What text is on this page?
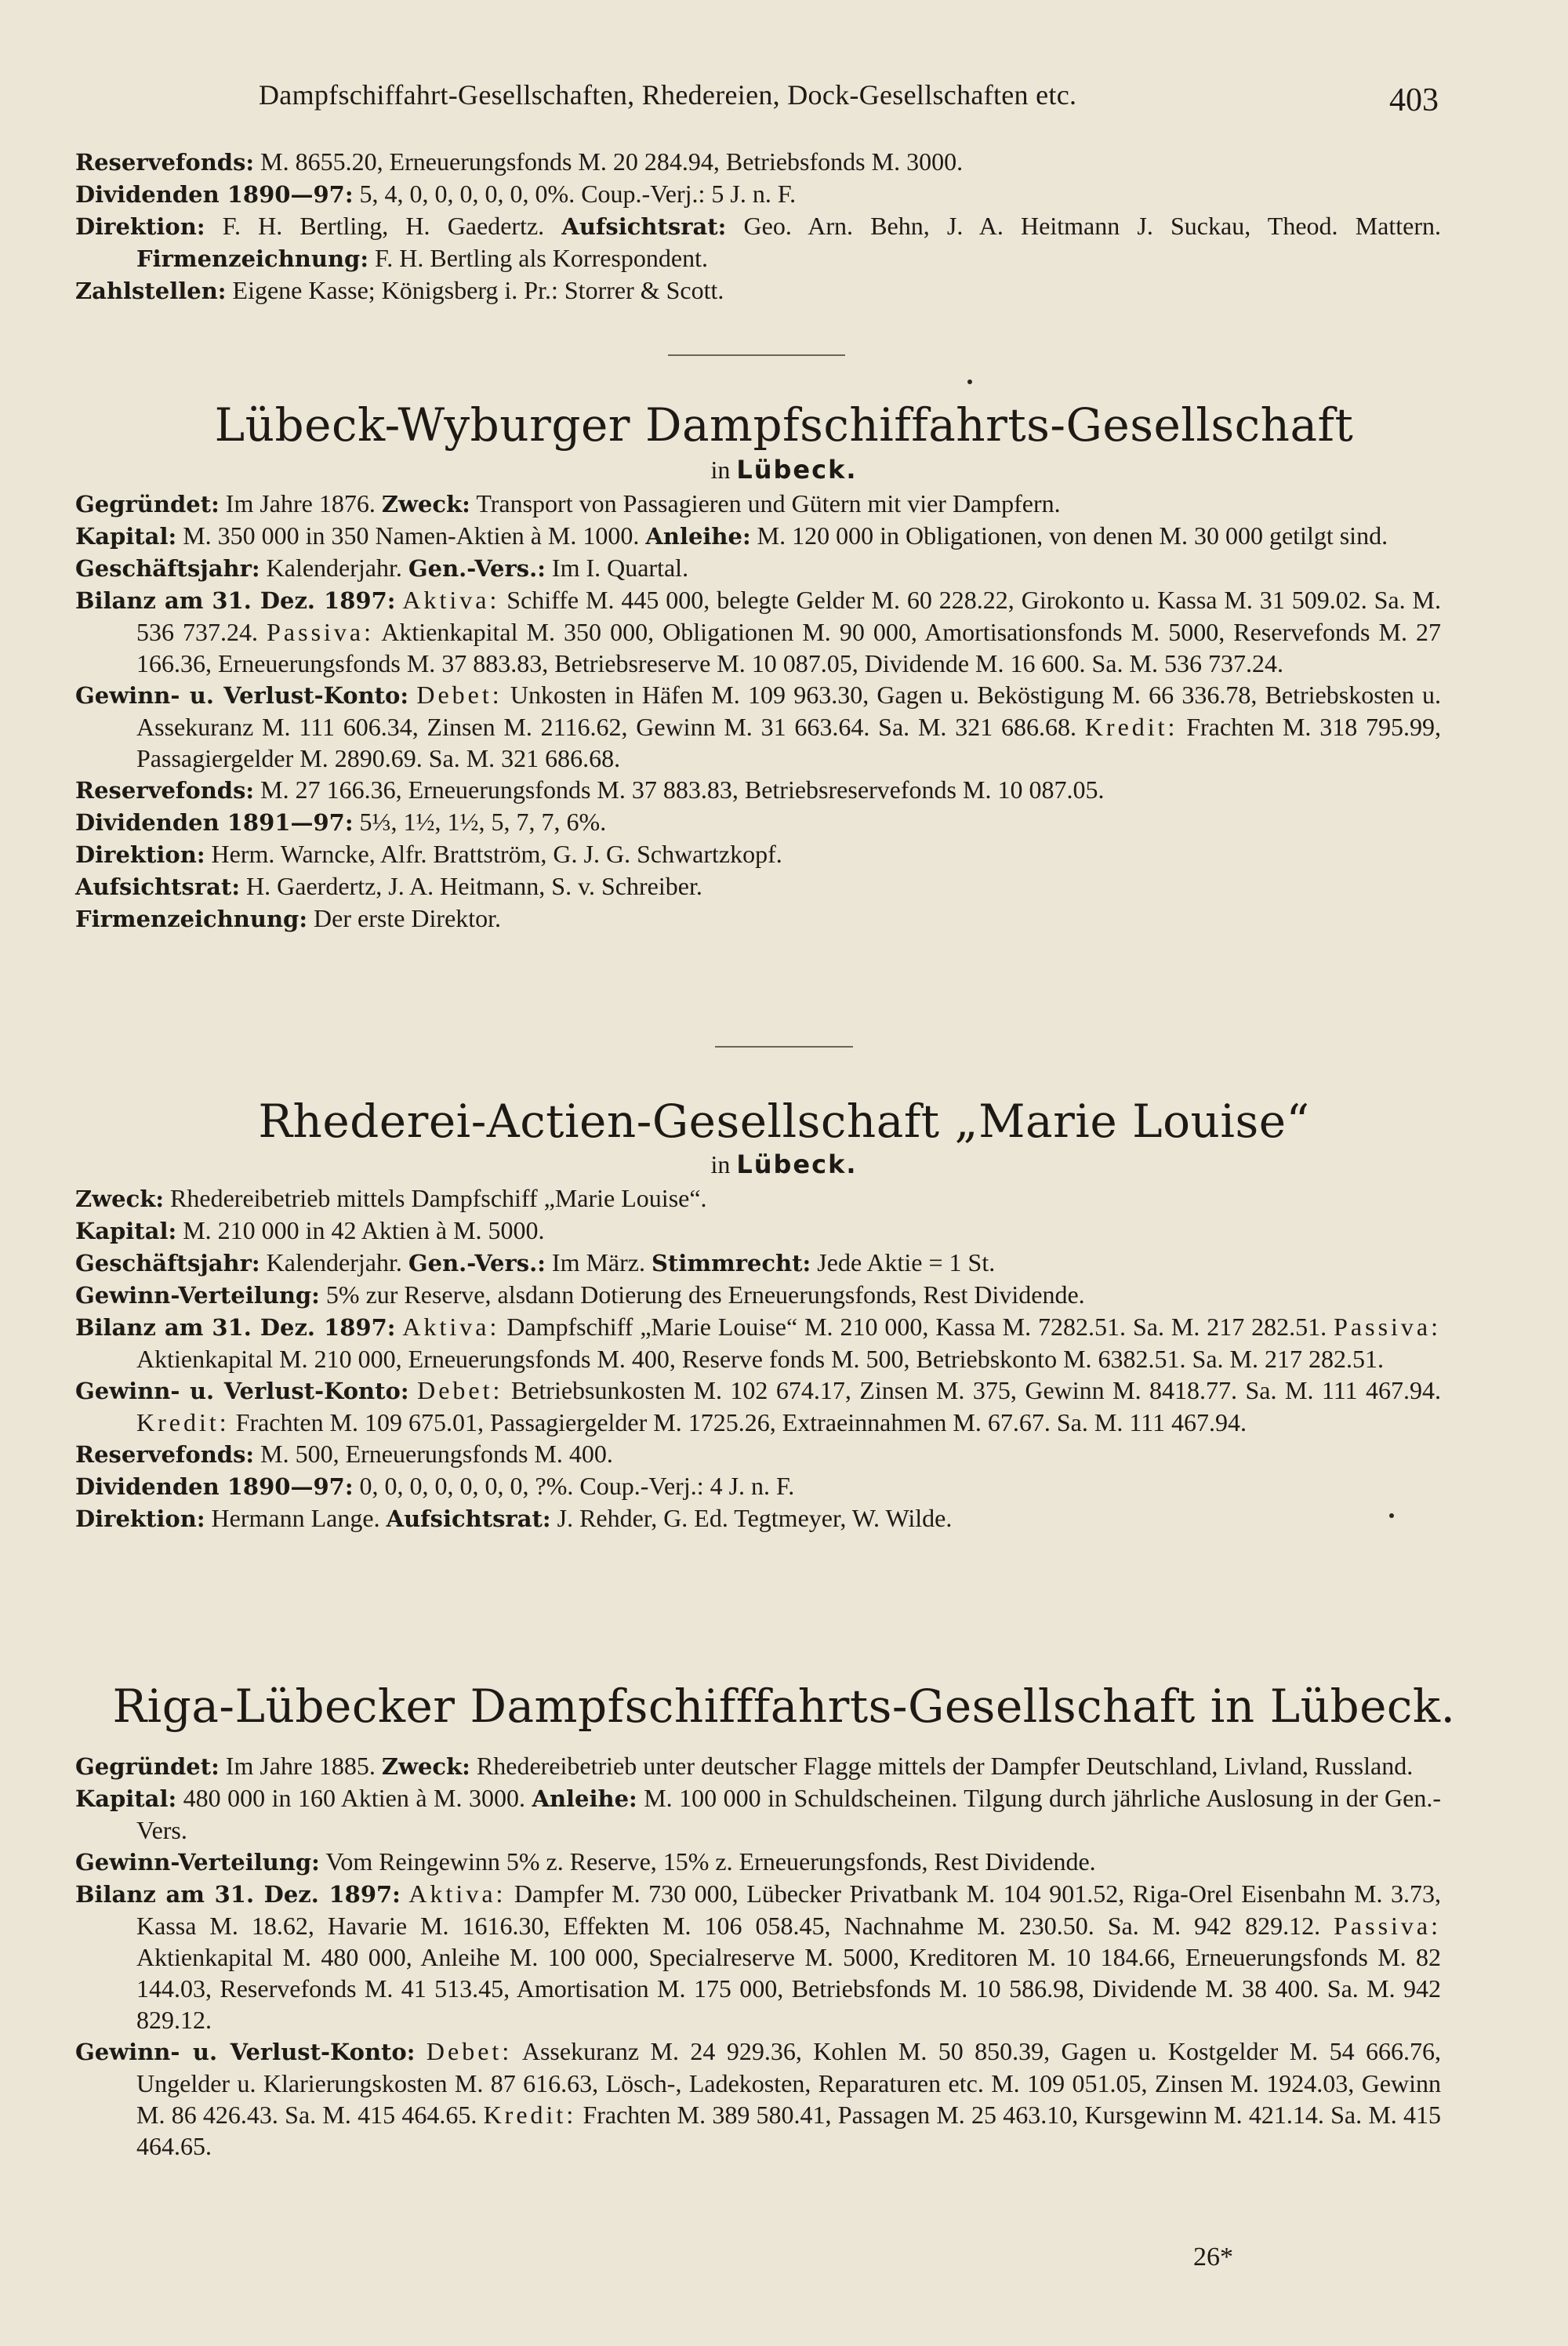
Dampfschiffahrt-Gesellschaften, Rhedereien, Dock-Gesellschaften etc.	403
Reservefonds: M. 8655.20, Erneuerungsfonds M. 20 284.94, Betriebsfonds M. 3000.
Dividenden 1890—97: 5, 4, 0, 0, 0, 0, 0, 0%. Coup.-Verj.: 5 J. n. F.
Direktion: F. H. Bertling, H. Gaedertz. Aufsichtsrat: Geo. Arn. Behn, J. A. Heitmann J. Suckau, Theod. Mattern. Firmenzeichnung: F. H. Bertling als Korrespondent.
Zahlstellen: Eigene Kasse; Königsberg i. Pr.: Storrer & Scott.
Lübeck-Wyburger Dampfschiffahrts-Gesellschaft
in Lübeck.
Gegründet: Im Jahre 1876. Zweck: Transport von Passagieren und Gütern mit vier Dampfern.
Kapital: M. 350 000 in 350 Namen-Aktien à M. 1000. Anleihe: M. 120 000 in Obligationen, von denen M. 30 000 getilgt sind.
Geschäftsjahr: Kalenderjahr. Gen.-Vers.: Im I. Quartal.
Bilanz am 31. Dez. 1897: Aktiva: Schiffe M. 445 000, belegte Gelder M. 60 228.22, Girokonto u. Kassa M. 31 509.02. Sa. M. 536 737.24. Passiva: Aktienkapital M. 350 000, Obligationen M. 90 000, Amortisationsfonds M. 5000, Reservefonds M. 27 166.36, Erneuerungsfonds M. 37 883.83, Betriebsreserve M. 10 087.05, Dividende M. 16 600. Sa. M. 536 737.24.
Gewinn- u. Verlust-Konto: Debet: Unkosten in Häfen M. 109 963.30, Gagen u. Beköstigung M. 66 336.78, Betriebskosten u. Assekuranz M. 111 606.34, Zinsen M. 2116.62, Gewinn M. 31 663.64. Sa. M. 321 686.68. Kredit: Frachten M. 318 795.99, Passagiergelder M. 2890.69. Sa. M. 321 686.68.
Reservefonds: M. 27 166.36, Erneuerungsfonds M. 37 883.83, Betriebsreservefonds M. 10 087.05.
Dividenden 1891—97: 5⅓, 1½, 1½, 5, 7, 7, 6%.
Direktion: Herm. Warncke, Alfr. Brattström, G. J. G. Schwartzkopf.
Aufsichtsrat: H. Gaerdertz, J. A. Heitmann, S. v. Schreiber.
Firmenzeichnung: Der erste Direktor.
Rhederei-Actien-Gesellschaft „Marie Louise“
in Lübeck.
Zweck: Rhedereibetrieb mittels Dampfschiff „Marie Louise“.
Kapital: M. 210 000 in 42 Aktien à M. 5000.
Geschäftsjahr: Kalenderjahr. Gen.-Vers.: Im März. Stimmrecht: Jede Aktie = 1 St.
Gewinn-Verteilung: 5% zur Reserve, alsdann Dotierung des Erneuerungsfonds, Rest Dividende.
Bilanz am 31. Dez. 1897: Aktiva: Dampfschiff „Marie Louise“ M. 210 000, Kassa M. 7282.51. Sa. M. 217 282.51. Passiva: Aktienkapital M. 210 000, Erneuerungsfonds M. 400, Reserve fonds M. 500, Betriebskonto M. 6382.51. Sa. M. 217 282.51.
Gewinn- u. Verlust-Konto: Debet: Betriebsunkosten M. 102 674.17, Zinsen M. 375, Gewinn M. 8418.77. Sa. M. 111 467.94. Kredit: Frachten M. 109 675.01, Passagiergelder M. 1725.26, Extraeinnahmen M. 67.67. Sa. M. 111 467.94.
Reservefonds: M. 500, Erneuerungsfonds M. 400.
Dividenden 1890—97: 0, 0, 0, 0, 0, 0, 0, ?%. Coup.-Verj.: 4 J. n. F.
Direktion: Hermann Lange. Aufsichtsrat: J. Rehder, G. Ed. Tegtmeyer, W. Wilde.
Riga-Lübecker Dampfschifffahrts-Gesellschaft in Lübeck.
Gegründet: Im Jahre 1885. Zweck: Rhedereibetrieb unter deutscher Flagge mittels der Dampfer Deutschland, Livland, Russland.
Kapital: 480 000 in 160 Aktien à M. 3000. Anleihe: M. 100 000 in Schuldscheinen. Tilgung durch jährliche Auslosung in der Gen.-Vers.
Gewinn-Verteilung: Vom Reingewinn 5% z. Reserve, 15% z. Erneuerungsfonds, Rest Dividende.
Bilanz am 31. Dez. 1897: Aktiva: Dampfer M. 730 000, Lübecker Privatbank M. 104 901.52, Riga-Orel Eisenbahn M. 3.73, Kassa M. 18.62, Havarie M. 1616.30, Effekten M. 106 058.45, Nachnahme M. 230.50. Sa. M. 942 829.12. Passiva: Aktienkapital M. 480 000, Anleihe M. 100 000, Specialreserve M. 5000, Kreditoren M. 10 184.66, Erneuerungsfonds M. 82 144.03, Reservefonds M. 41 513.45, Amortisation M. 175 000, Betriebsfonds M. 10 586.98, Dividende M. 38 400. Sa. M. 942 829.12.
Gewinn- u. Verlust-Konto: Debet: Assekuranz M. 24 929.36, Kohlen M. 50 850.39, Gagen u. Kostgelder M. 54 666.76, Ungelder u. Klarierungskosten M. 87 616.63, Lösch-, Ladekosten, Reparaturen etc. M. 109 051.05, Zinsen M. 1924.03, Gewinn M. 86 426.43. Sa. M. 415 464.65. Kredit: Frachten M. 389 580.41, Passagen M. 25 463.10, Kursgewinn M. 421.14. Sa. M. 415 464.65.
26*
